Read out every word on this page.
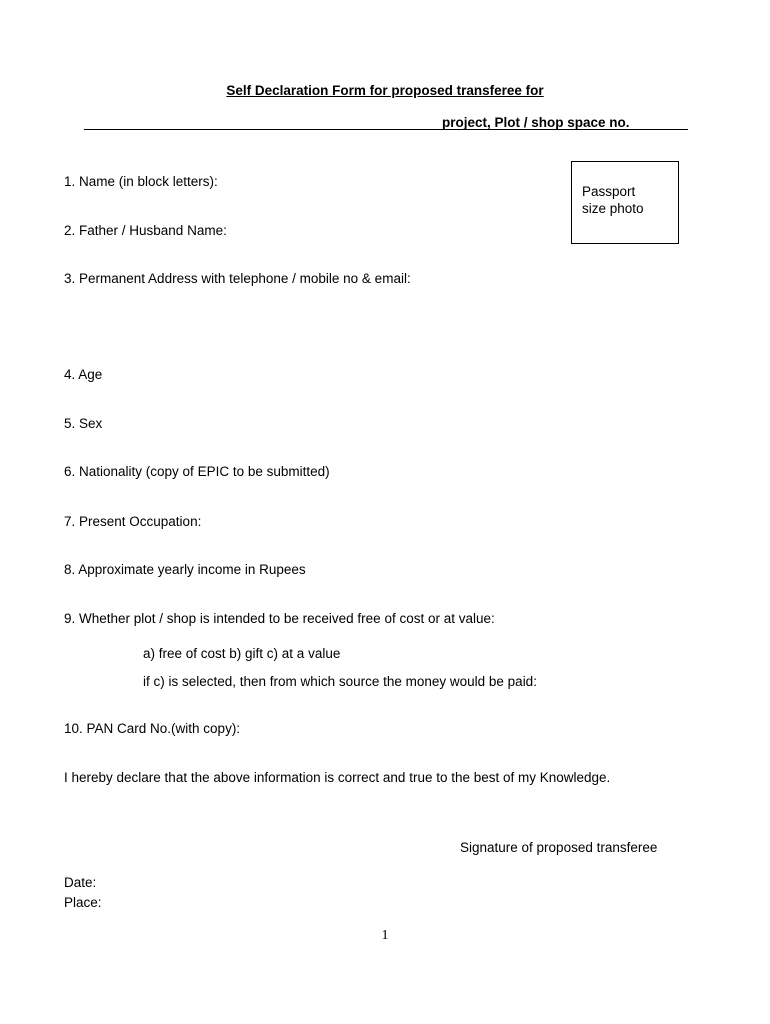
Self Declaration Form for proposed transferee for
project, Plot / shop space no.
Passport
size photo
1. Name (in block letters):
2. Father / Husband Name:
3. Permanent Address with telephone / mobile no & email:
4. Age
5. Sex
6. Nationality (copy of EPIC to be submitted)
7. Present Occupation:
8. Approximate yearly income in Rupees
9. Whether plot / shop is intended to be received free of cost or at value:
a) free of cost b) gift c) at a value
if c) is selected, then from which source the money would be paid:
10. PAN Card No.(with copy):
I hereby declare that the above information is correct and true to the best of my Knowledge.
Signature of proposed transferee
Date:
Place:
1
